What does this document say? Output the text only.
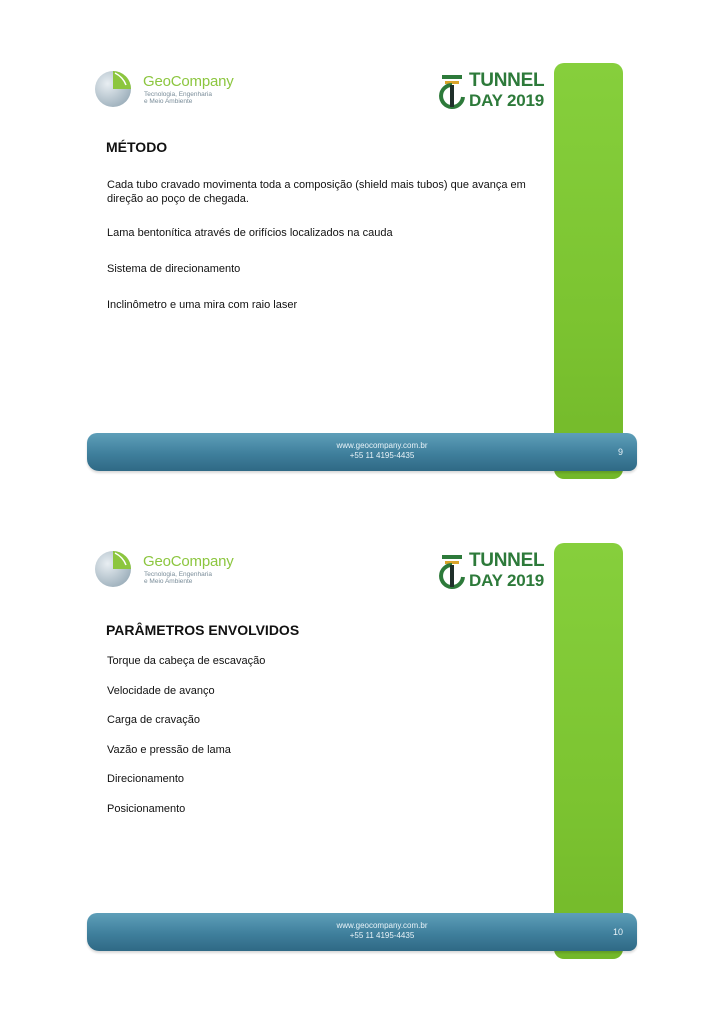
GeoCompany
Tecnologia, Engenharia
e Meio Ambiente
TUNNEL
DAY 2019
MÉTODO
Cada tubo cravado movimenta toda a composição (shield mais tubos) que avança em direção ao poço de chegada.
Lama bentonítica através de orifícios localizados na cauda
Sistema de direcionamento
Inclinômetro e uma mira com raio laser
www.geocompany.com.br
+55 11 4195-4435	9
GeoCompany
Tecnologia, Engenharia
e Meio Ambiente
TUNNEL
DAY 2019
PARÂMETROS ENVOLVIDOS
Torque da cabeça de escavação
Velocidade de avanço
Carga de cravação
Vazão e pressão de lama
Direcionamento
Posicionamento
www.geocompany.com.br
+55 11 4195-4435	10
